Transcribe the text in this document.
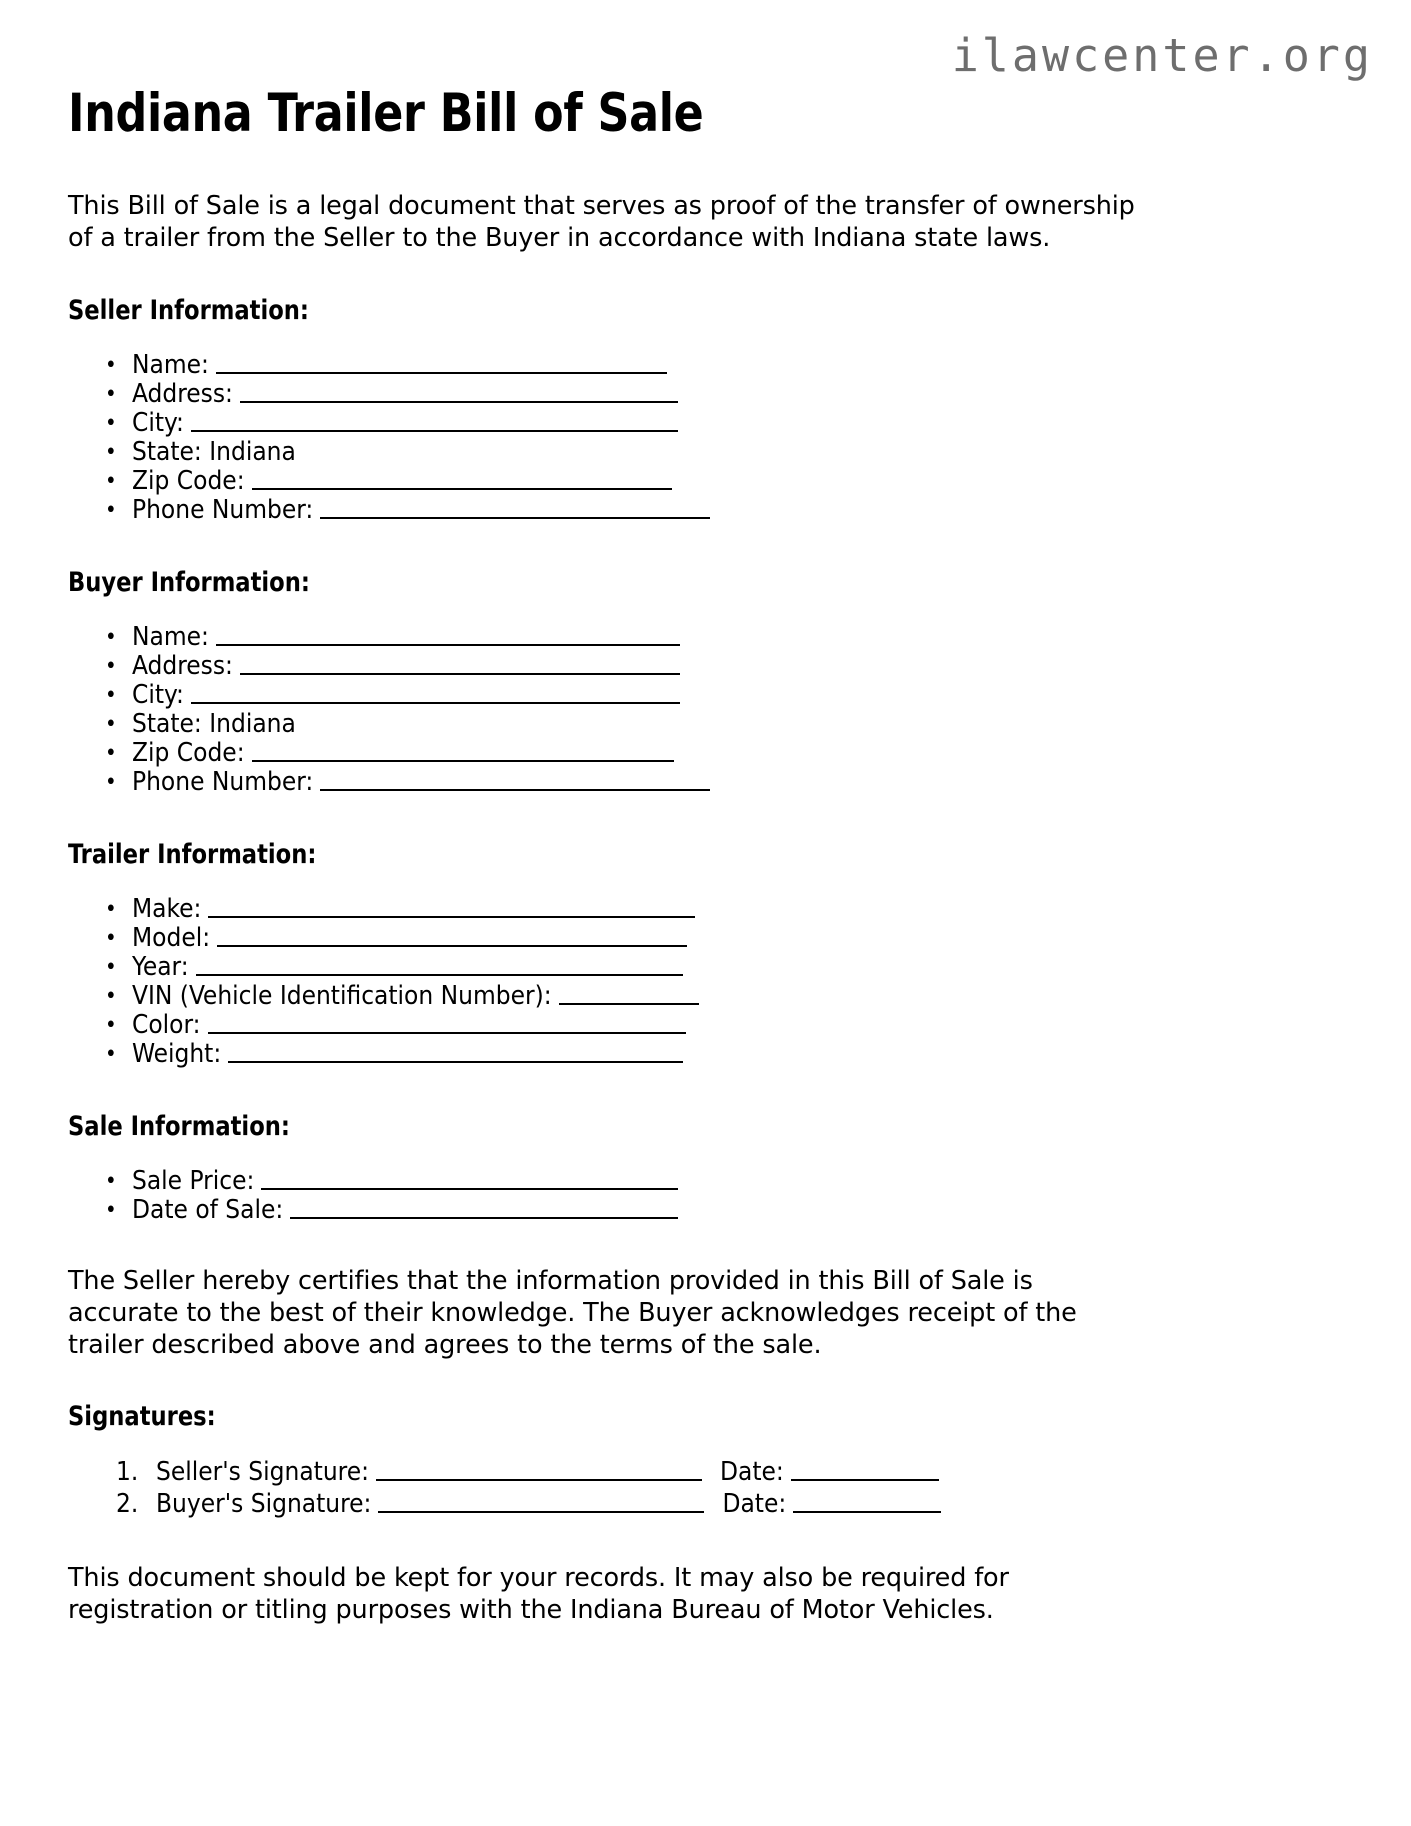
ilawcenter.org
Indiana Trailer Bill of Sale

This Bill of Sale is a legal document that serves as proof of the transfer of ownership of a trailer from the Seller to the Buyer in accordance with Indiana state laws.

Seller Information:
• Name:
• Address:
• City:
• State: Indiana
• Zip Code:
• Phone Number:
Buyer Information:
• Name:
• Address:
• City:
• State: Indiana
• Zip Code:
• Phone Number:
Trailer Information:
• Make:
• Model:
• Year:
• VIN (Vehicle Identification Number):
• Color:
• Weight:
Sale Information:
• Sale Price:
• Date of Sale:

The Seller hereby certifies that the information provided in this Bill of Sale is accurate to the best of their knowledge. The Buyer acknowledges receipt of the trailer described above and agrees to the terms of the sale.

Signatures:
Seller's Signature:	Date:
Buyer's Signature:	Date:

This document should be kept for your records. It may also be required for registration or titling purposes with the Indiana Bureau of Motor Vehicles.
